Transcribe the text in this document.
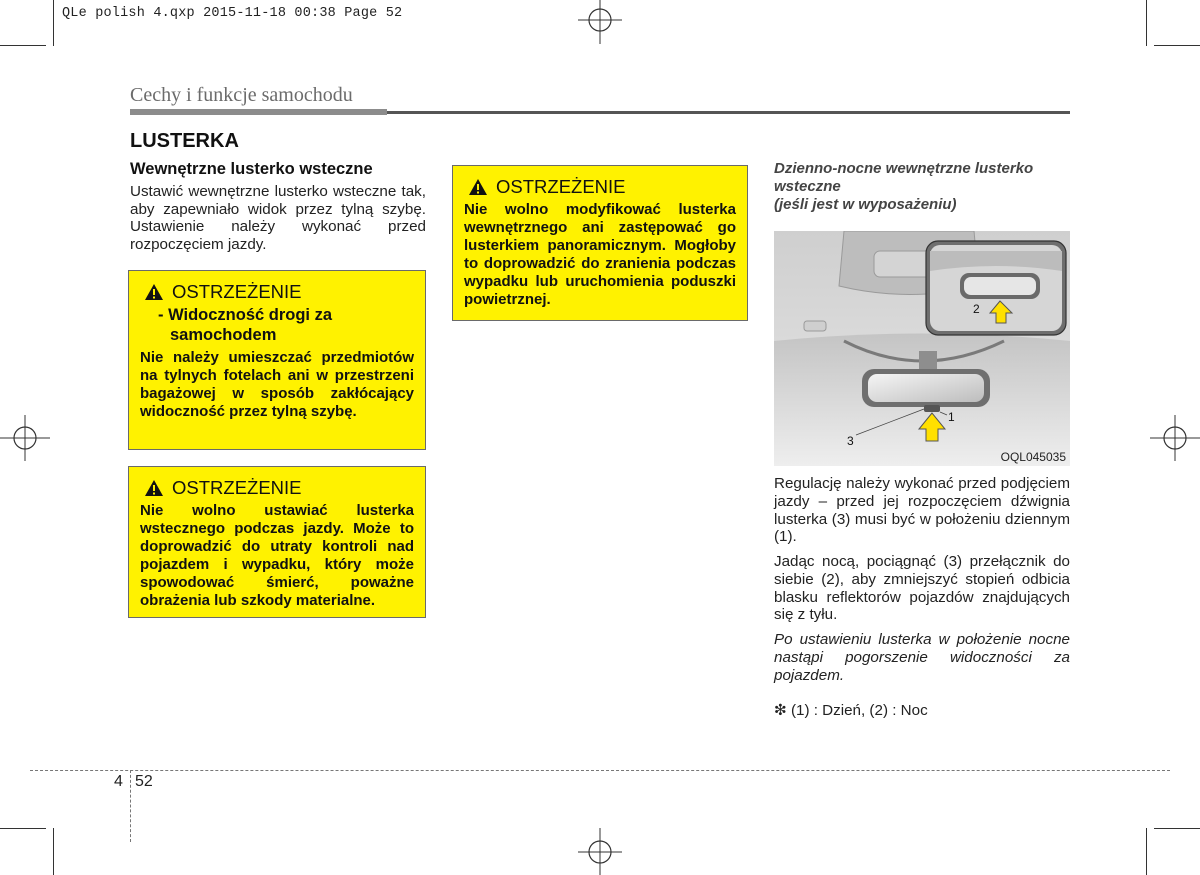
QLe polish 4.qxp 2015-11-18 00:38 Page 52
Cechy i funkcje samochodu
LUSTERKA
Wewnętrzne lusterko wsteczne
Ustawić wewnętrzne lusterko wsteczne tak, aby zapewniało widok przez tylną szybę. Ustawienie należy wykonać przed rozpoczęciem jazdy.
OSTRZEŻENIE
- Widoczność drogi za samochodem
Nie należy umieszczać przedmiotów na tylnych fotelach ani w przestrzeni bagażowej w sposób zakłócający widoczność przez tylną szybę.
OSTRZEŻENIE
Nie wolno ustawiać lusterka wstecznego podczas jazdy. Może to doprowadzić do utraty kontroli nad pojazdem i wypadku, który może spowodować śmierć, poważne obrażenia lub szkody materialne.
OSTRZEŻENIE
Nie wolno modyfikować lusterka wewnętrznego ani zastępować go lusterkiem panoramicznym. Mogłoby to doprowadzić do zranienia podczas wypadku lub uruchomienia poduszki powietrznej.
Dzienno-nocne wewnętrzne lusterko wsteczne
(jeśli jest w wyposażeniu)
1
3
2
OQL045035
Regulację należy wykonać przed podjęciem jazdy – przed jej rozpoczęciem dźwignia lusterka (3) musi być w położeniu dziennym (1).
Jadąc nocą, pociągnąć (3) przełącznik do siebie (2), aby zmniejszyć stopień odbicia blasku reflektorów pojazdów znajdujących się z tyłu.
Po ustawieniu lusterka w położenie nocne nastąpi pogorszenie widoczności za pojazdem.
❇ (1) : Dzień, (2) : Noc
4 52
